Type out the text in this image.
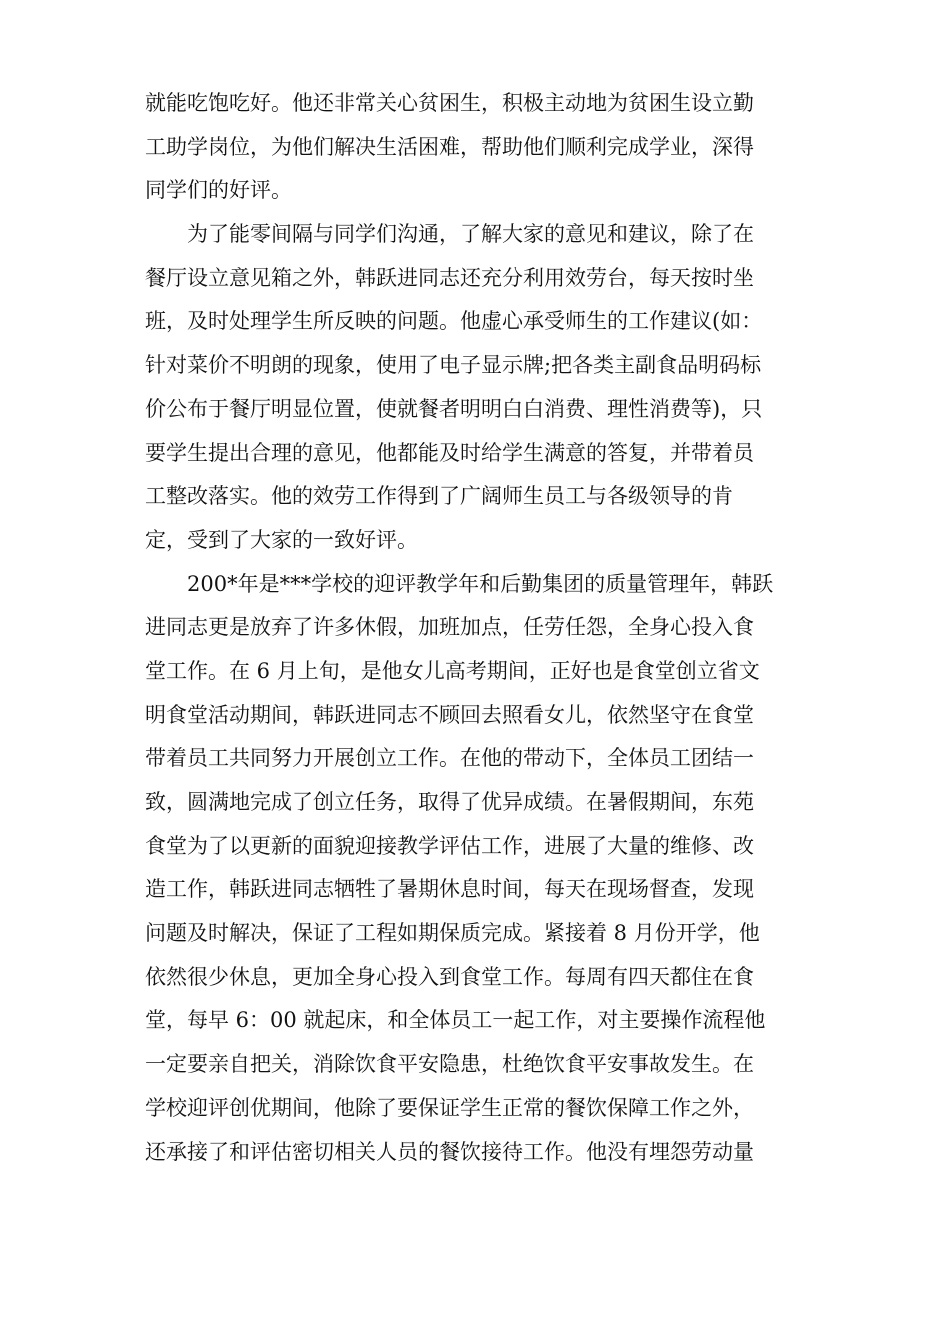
就能吃饱吃好。他还非常关心贫困生，积极主动地为贫困生设立勤
工助学岗位，为他们解决生活困难，帮助他们顺利完成学业，深得
同学们的好评。
　　为了能零间隔与同学们沟通，了解大家的意见和建议，除了在
餐厅设立意见箱之外，韩跃进同志还充分利用效劳台，每天按时坐
班，及时处理学生所反映的问题。他虚心承受师生的工作建议(如：
针对菜价不明朗的现象，使用了电子显示牌;把各类主副食品明码标
价公布于餐厅明显位置，使就餐者明明白白消费、理性消费等)，只
要学生提出合理的意见，他都能及时给学生满意的答复，并带着员
工整改落实。他的效劳工作得到了广阔师生员工与各级领导的肯
定，受到了大家的一致好评。
　　200*年是***学校的迎评教学年和后勤集团的质量管理年，韩跃
进同志更是放弃了许多休假，加班加点，任劳任怨，全身心投入食
堂工作。在 6 月上旬，是他女儿高考期间，正好也是食堂创立省文
明食堂活动期间，韩跃进同志不顾回去照看女儿，依然坚守在食堂
带着员工共同努力开展创立工作。在他的带动下，全体员工团结一
致，圆满地完成了创立任务，取得了优异成绩。在暑假期间，东苑
食堂为了以更新的面貌迎接教学评估工作，进展了大量的维修、改
造工作，韩跃进同志牺牲了暑期休息时间，每天在现场督查，发现
问题及时解决，保证了工程如期保质完成。紧接着 8 月份开学，他
依然很少休息，更加全身心投入到食堂工作。每周有四天都住在食
堂，每早 6：00 就起床，和全体员工一起工作，对主要操作流程他
一定要亲自把关，消除饮食平安隐患，杜绝饮食平安事故发生。在
学校迎评创优期间，他除了要保证学生正常的餐饮保障工作之外，
还承接了和评估密切相关人员的餐饮接待工作。他没有埋怨劳动量
